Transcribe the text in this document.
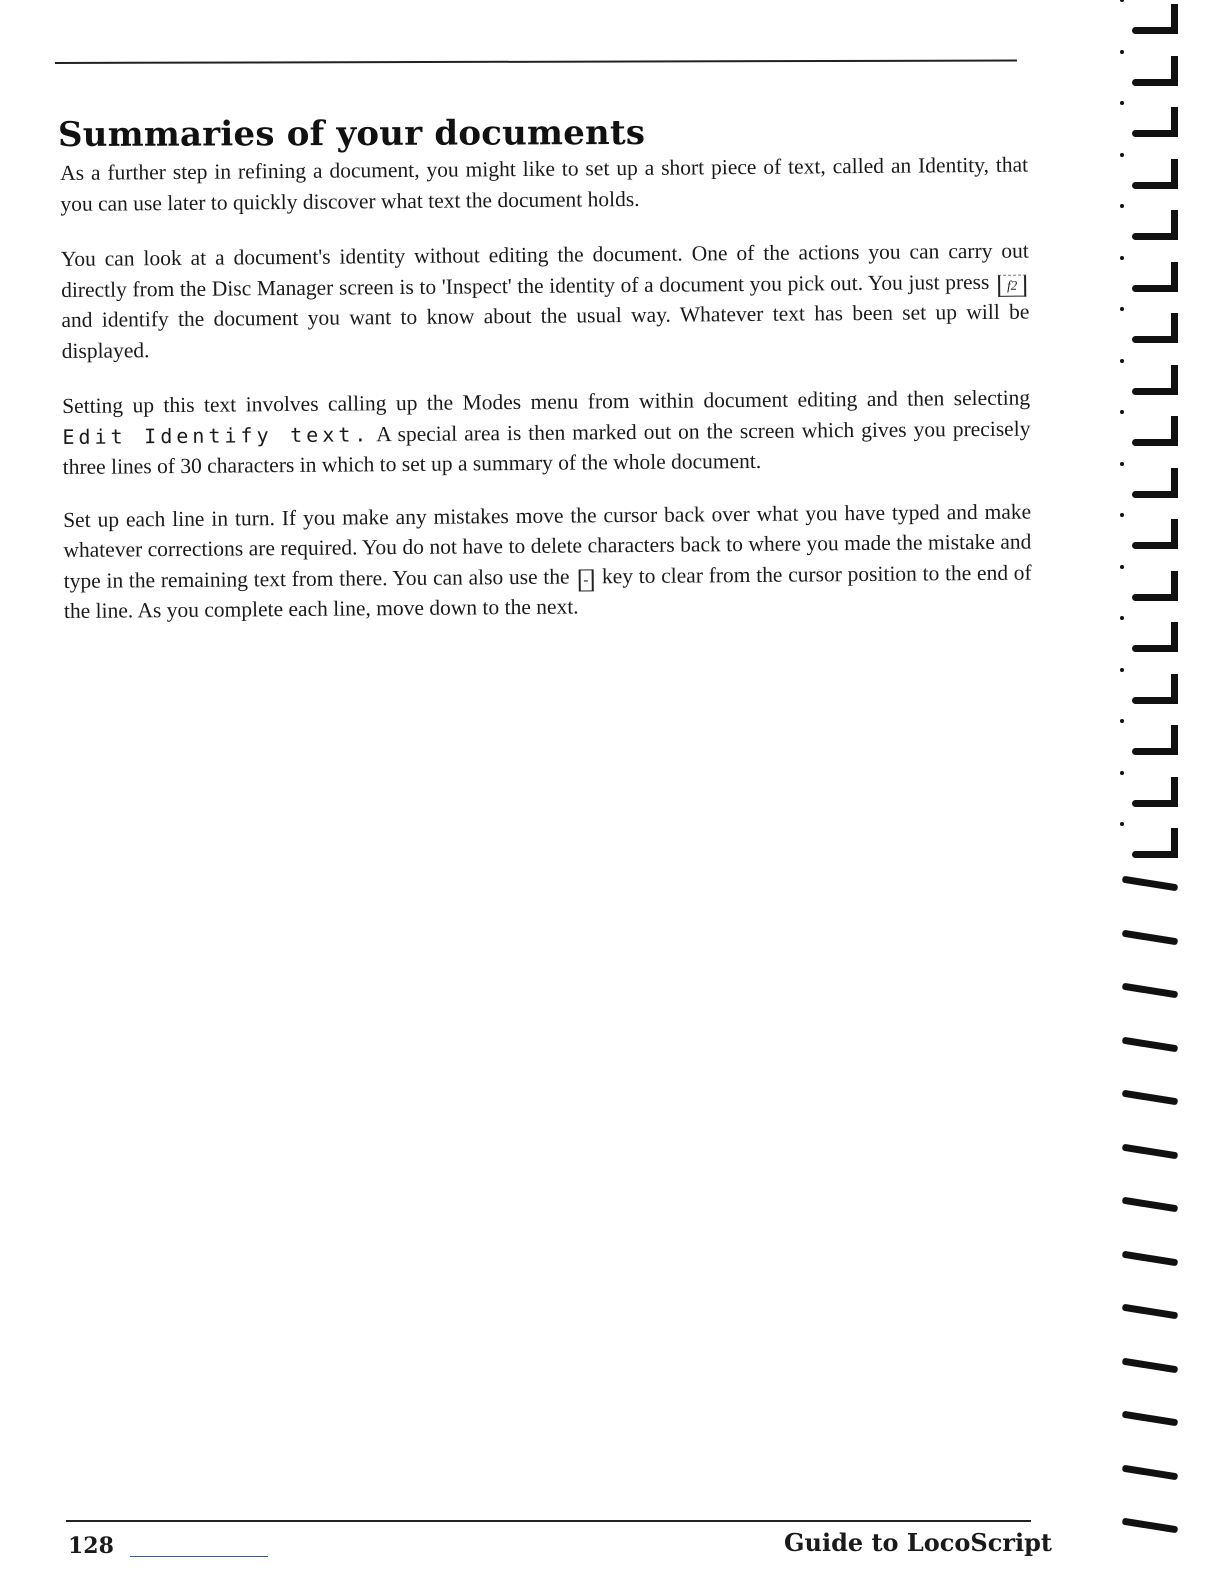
Summaries of your documents

As a further step in refining a document, you might like to set up a short piece of text, called an Identity, that you can use later to quickly discover what text the document holds.

You can look at a document's identity without editing the document. One of the actions you can carry out directly from the Disc Manager screen is to 'Inspect' the identity of a document you pick out. You just press f2 and identify the document you want to know about the usual way. Whatever text has been set up will be displayed.

Setting up this text involves calling up the Modes menu from within document editing and then selecting Edit Identify text. A special area is then marked out on the screen which gives you precisely three lines of 30 characters in which to set up a summary of the whole document.

Set up each line in turn. If you make any mistakes move the cursor back over what you have typed and make whatever corrections are required. You do not have to delete characters back to where you made the mistake and type in the remaining text from there. You can also use the - key to clear from the cursor position to the end of the line. As you complete each line, move down to the next.

128	Guide to LocoScript
